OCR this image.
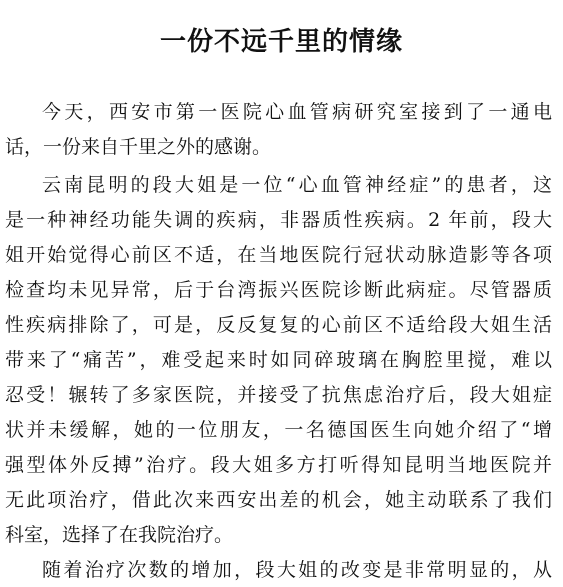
一份不远千里的情缘
今天，西安市第一医院心血管病研究室接到了一通电
话，一份来自千里之外的感谢。
云南昆明的段大姐是一位“心血管神经症”的患者，这
是一种神经功能失调的疾病，非器质性疾病。2 年前，段大
姐开始觉得心前区不适，在当地医院行冠状动脉造影等各项
检查均未见异常，后于台湾振兴医院诊断此病症。尽管器质
性疾病排除了，可是，反反复复的心前区不适给段大姐生活
带来了“痛苦”，难受起来时如同碎玻璃在胸腔里搅，难以
忍受！辗转了多家医院，并接受了抗焦虑治疗后，段大姐症
状并未缓解，她的一位朋友，一名德国医生向她介绍了“增
强型体外反搏”治疗。段大姐多方打听得知昆明当地医院并
无此项治疗，借此次来西安出差的机会，她主动联系了我们
科室，选择了在我院治疗。
随着治疗次数的增加，段大姐的改变是非常明显的，从
